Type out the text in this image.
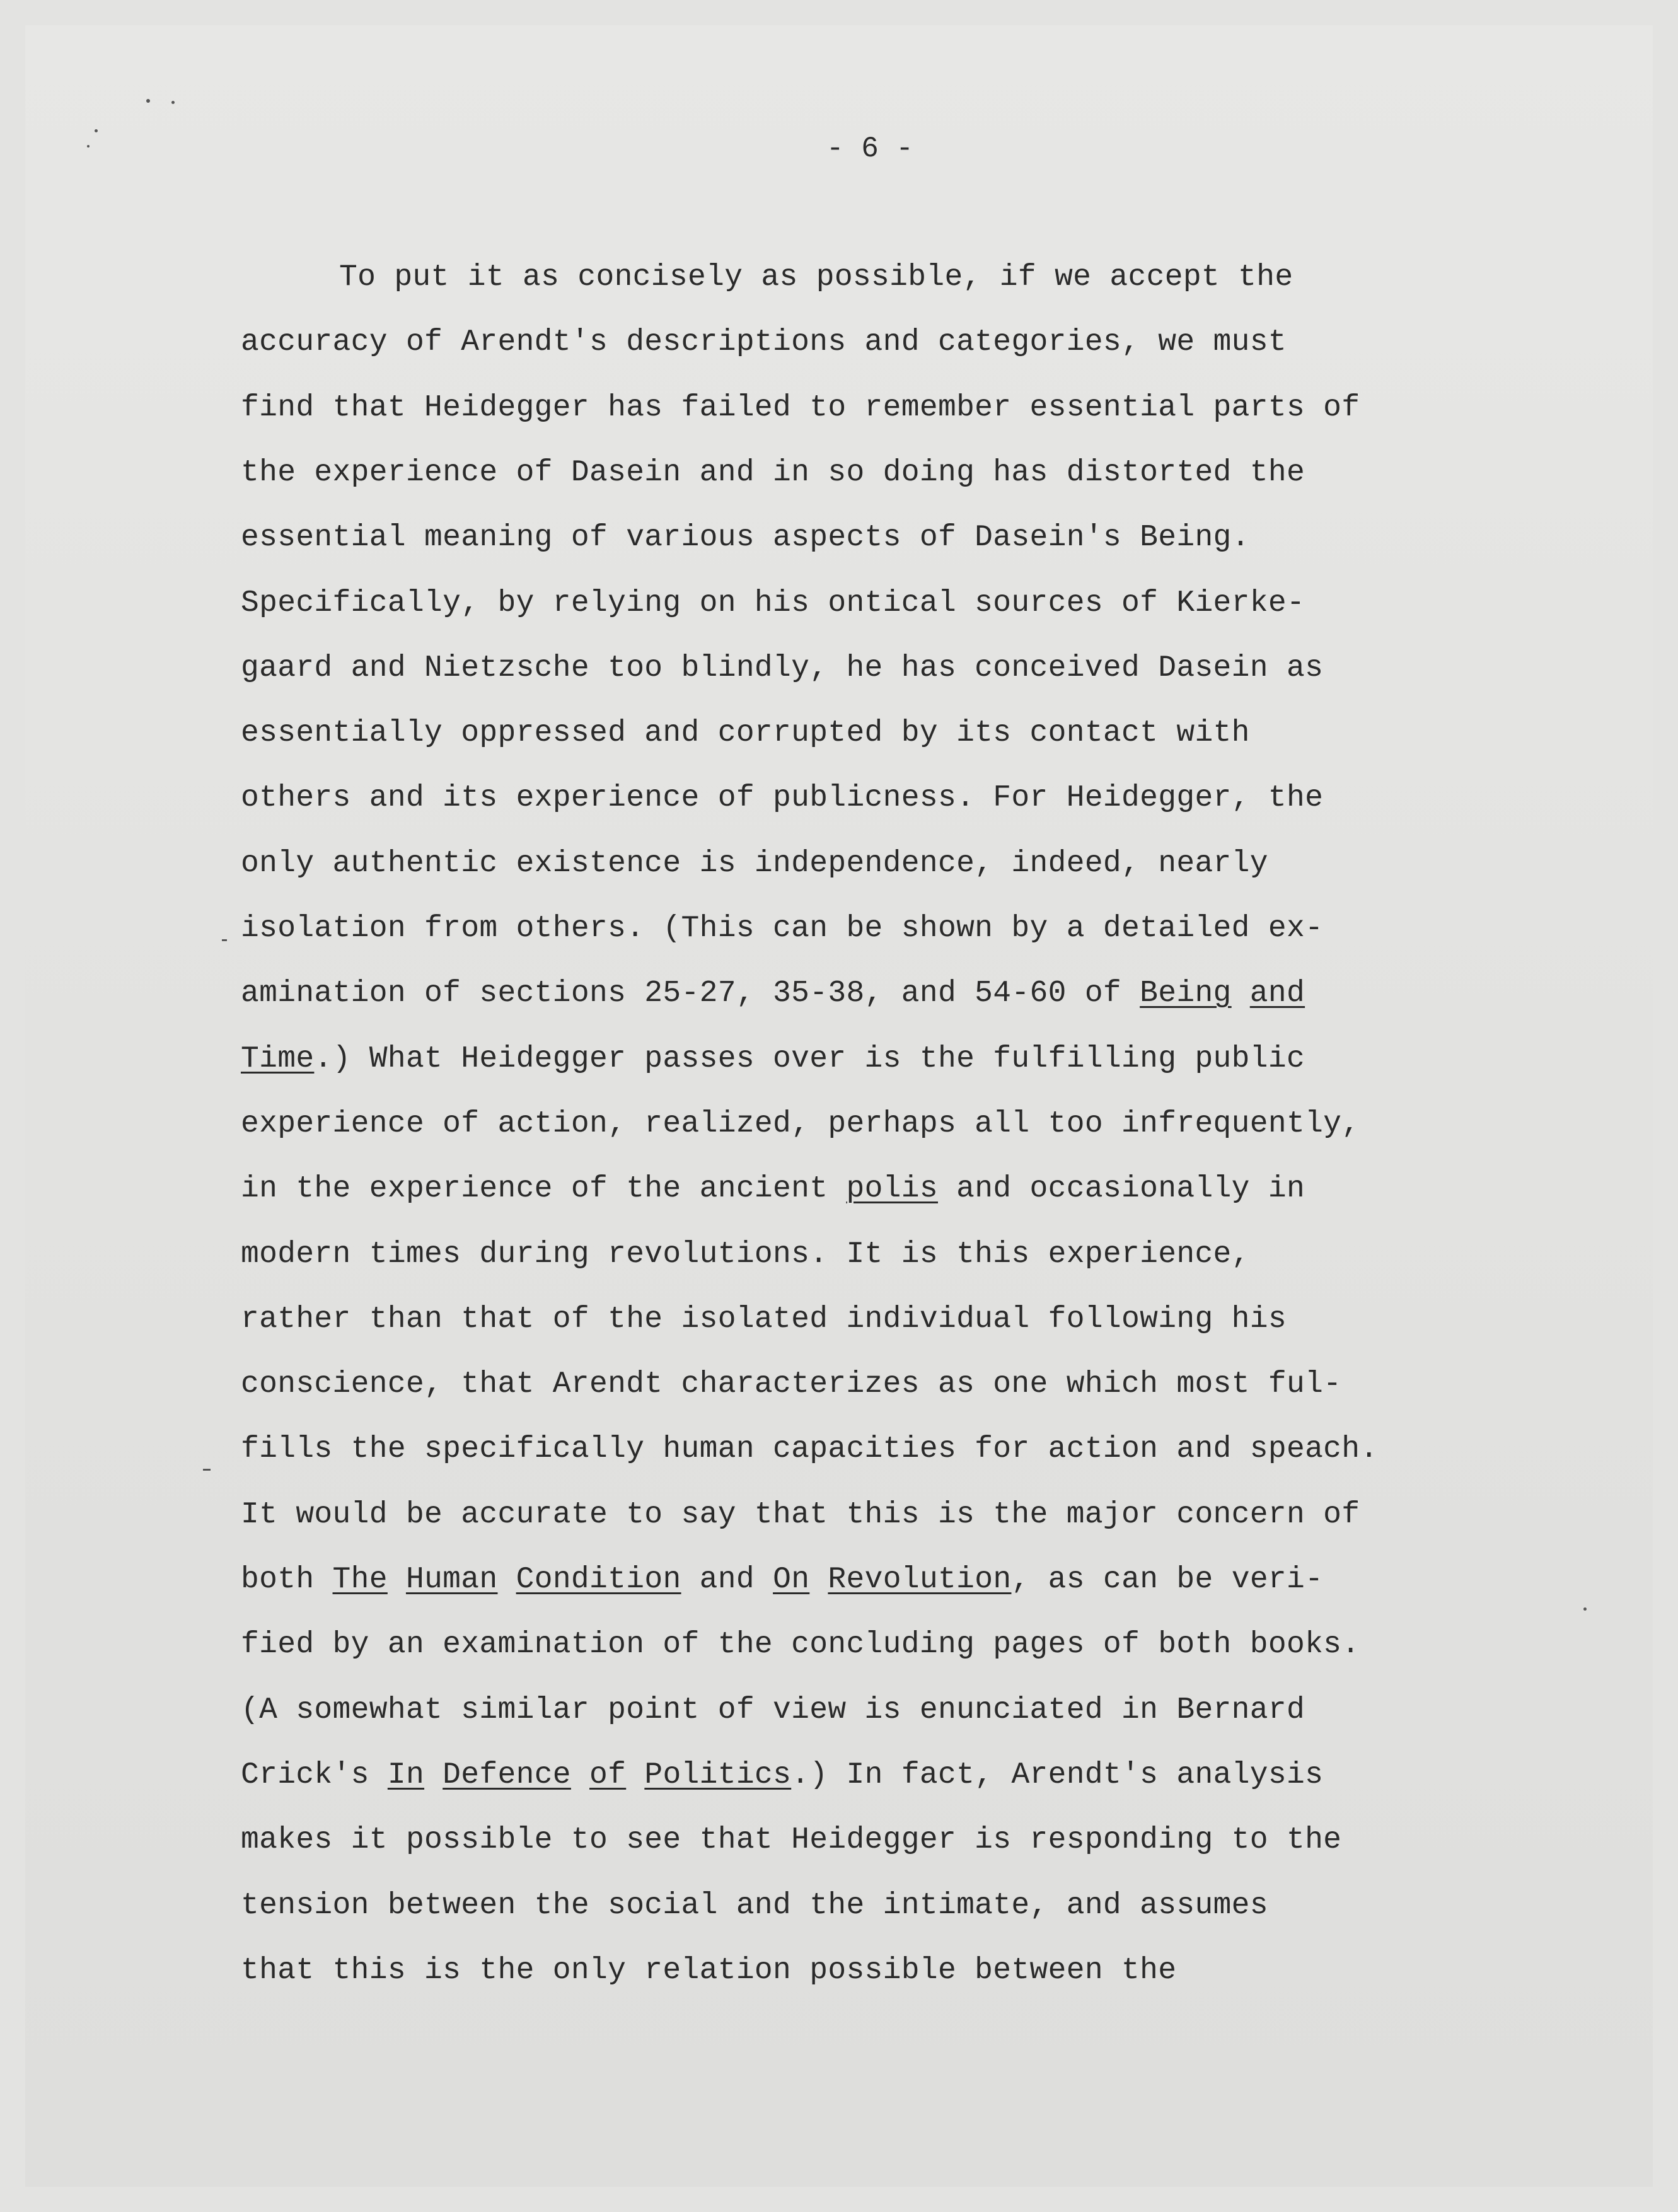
- 6 -
To put it as concisely as possible, if we accept the
accuracy of Arendt's descriptions and categories, we must
find that Heidegger has failed to remember essential parts of
the experience of Dasein and in so doing has distorted the
essential meaning of various aspects of Dasein's Being.
Specifically, by relying on his ontical sources of Kierke-
gaard and Nietzsche too blindly, he has conceived Dasein as
essentially oppressed and corrupted by its contact with
others and its experience of publicness. For Heidegger, the
only authentic existence is independence, indeed, nearly
isolation from others. (This can be shown by a detailed ex-
amination of sections 25-27, 35-38, and 54-60 of Being and
Time.) What Heidegger passes over is the fulfilling public
experience of action, realized, perhaps all too infrequently,
in the experience of the ancient polis and occasionally in
modern times during revolutions. It is this experience,
rather than that of the isolated individual following his
conscience, that Arendt characterizes as one which most ful-
fills the specifically human capacities for action and speach.
It would be accurate to say that this is the major concern of
both The Human Condition and On Revolution, as can be veri-
fied by an examination of the concluding pages of both books.
(A somewhat similar point of view is enunciated in Bernard
Crick's In Defence of Politics.) In fact, Arendt's analysis
makes it possible to see that Heidegger is responding to the
tension between the social and the intimate, and assumes
that this is the only relation possible between the
